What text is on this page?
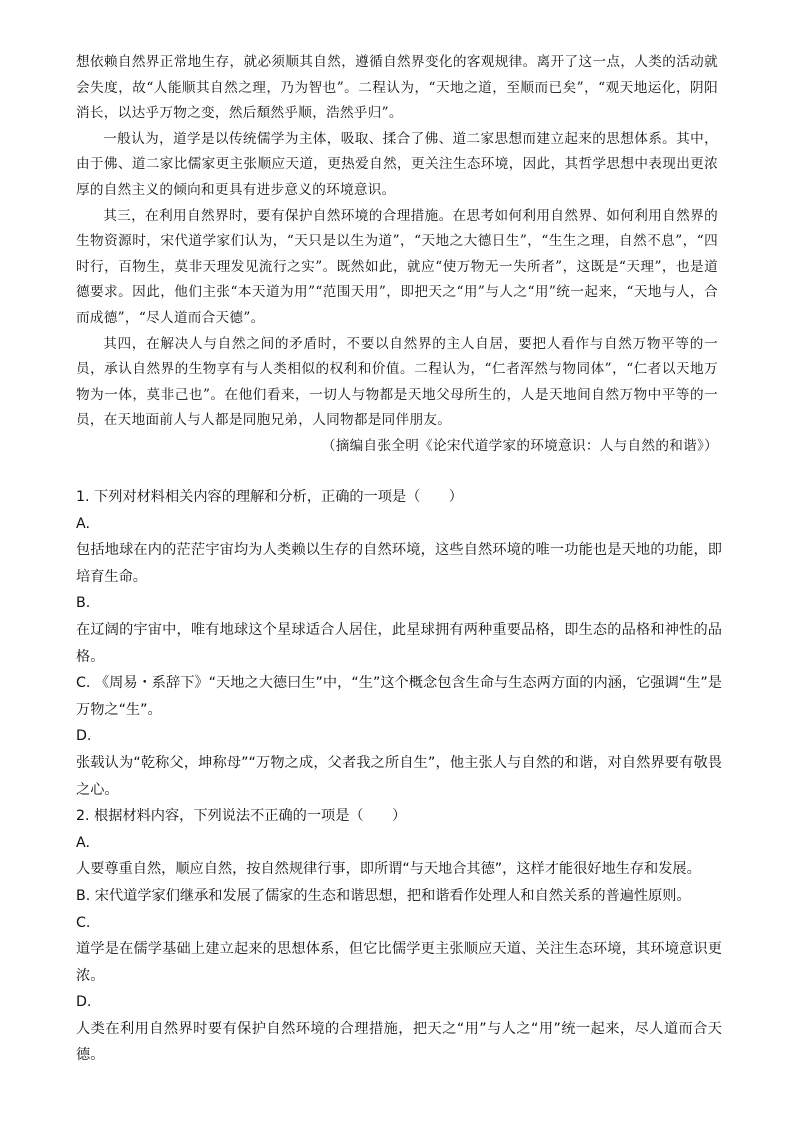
想依赖自然界正常地生存，就必须顺其自然，遵循自然界变化的客观规律。离开了这一点，人类的活动就会失度，故“人能顺其自然之理，乃为智也”。二程认为，“天地之道，至顺而已矣”，“观天地运化，阴阳消长，以达乎万物之变，然后頹然乎顺，浩然乎归”。

一般认为，道学是以传统儒学为主体，吸取、揉合了佛、道二家思想而建立起来的思想体系。其中，由于佛、道二家比儒家更主张顺应天道，更热爱自然，更关注生态环境，因此，其哲学思想中表现出更浓厚的自然主义的倾向和更具有进步意义的环境意识。

其三，在利用自然界时，要有保护自然环境的合理措施。在思考如何利用自然界、如何利用自然界的生物资源时，宋代道学家们认为，“天只是以生为道”，“天地之大德日生”，“生生之理，自然不息”，“四时行，百物生，莫非天理发见流行之实”。既然如此，就应“使万物无一失所者”，这既是“天理”，也是道德要求。因此，他们主张“本天道为用”“范围天用”，即把天之“用”与人之“用”统一起来，“天地与人，合而成德”，“尽人道而合天德”。

其四，在解决人与自然之间的矛盾时，不要以自然界的主人自居，要把人看作与自然万物平等的一员，承认自然界的生物享有与人类相似的权利和价值。二程认为，“仁者浑然与物同体”，“仁者以天地万物为一体，莫非己也”。在他们看来，一切人与物都是天地父母所生的，人是天地间自然万物中平等的一员，在天地面前人与人都是同胞兄弟，人同物都是同伴朋友。

（摘编自张全明《论宋代道学家的环境意识：人与自然的和谐》）

1. 下列对材料相关内容的理解和分析，正确的一项是（　　）

A.

包括地球在内的茫茫宇宙均为人类赖以生存的自然环境，这些自然环境的唯一功能也是天地的功能，即培育生命。

B.

在辽阔的宇宙中，唯有地球这个星球适合人居住，此星球拥有两种重要品格，即生态的品格和神性的品格。

C. 《周易・系辞下》“天地之大德曰生”中，“生”这个概念包含生命与生态两方面的内涵，它强调“生”是万物之“生”。

D.

张载认为“乾称父，坤称母”“万物之成，父者我之所自生”，他主张人与自然的和谐，对自然界要有敬畏之心。

2. 根据材料内容，下列说法不正确的一项是（　　）

A.

人要尊重自然，顺应自然，按自然规律行事，即所谓“与天地合其德”，这样才能很好地生存和发展。

B. 宋代道学家们继承和发展了儒家的生态和谐思想，把和谐看作处理人和自然关系的普遍性原则。

C.

道学是在儒学基础上建立起来的思想体系，但它比儒学更主张顺应天道、关注生态环境，其环境意识更浓。

D.

人类在利用自然界时要有保护自然环境的合理措施，把天之“用”与人之“用”统一起来，尽人道而合天德。
